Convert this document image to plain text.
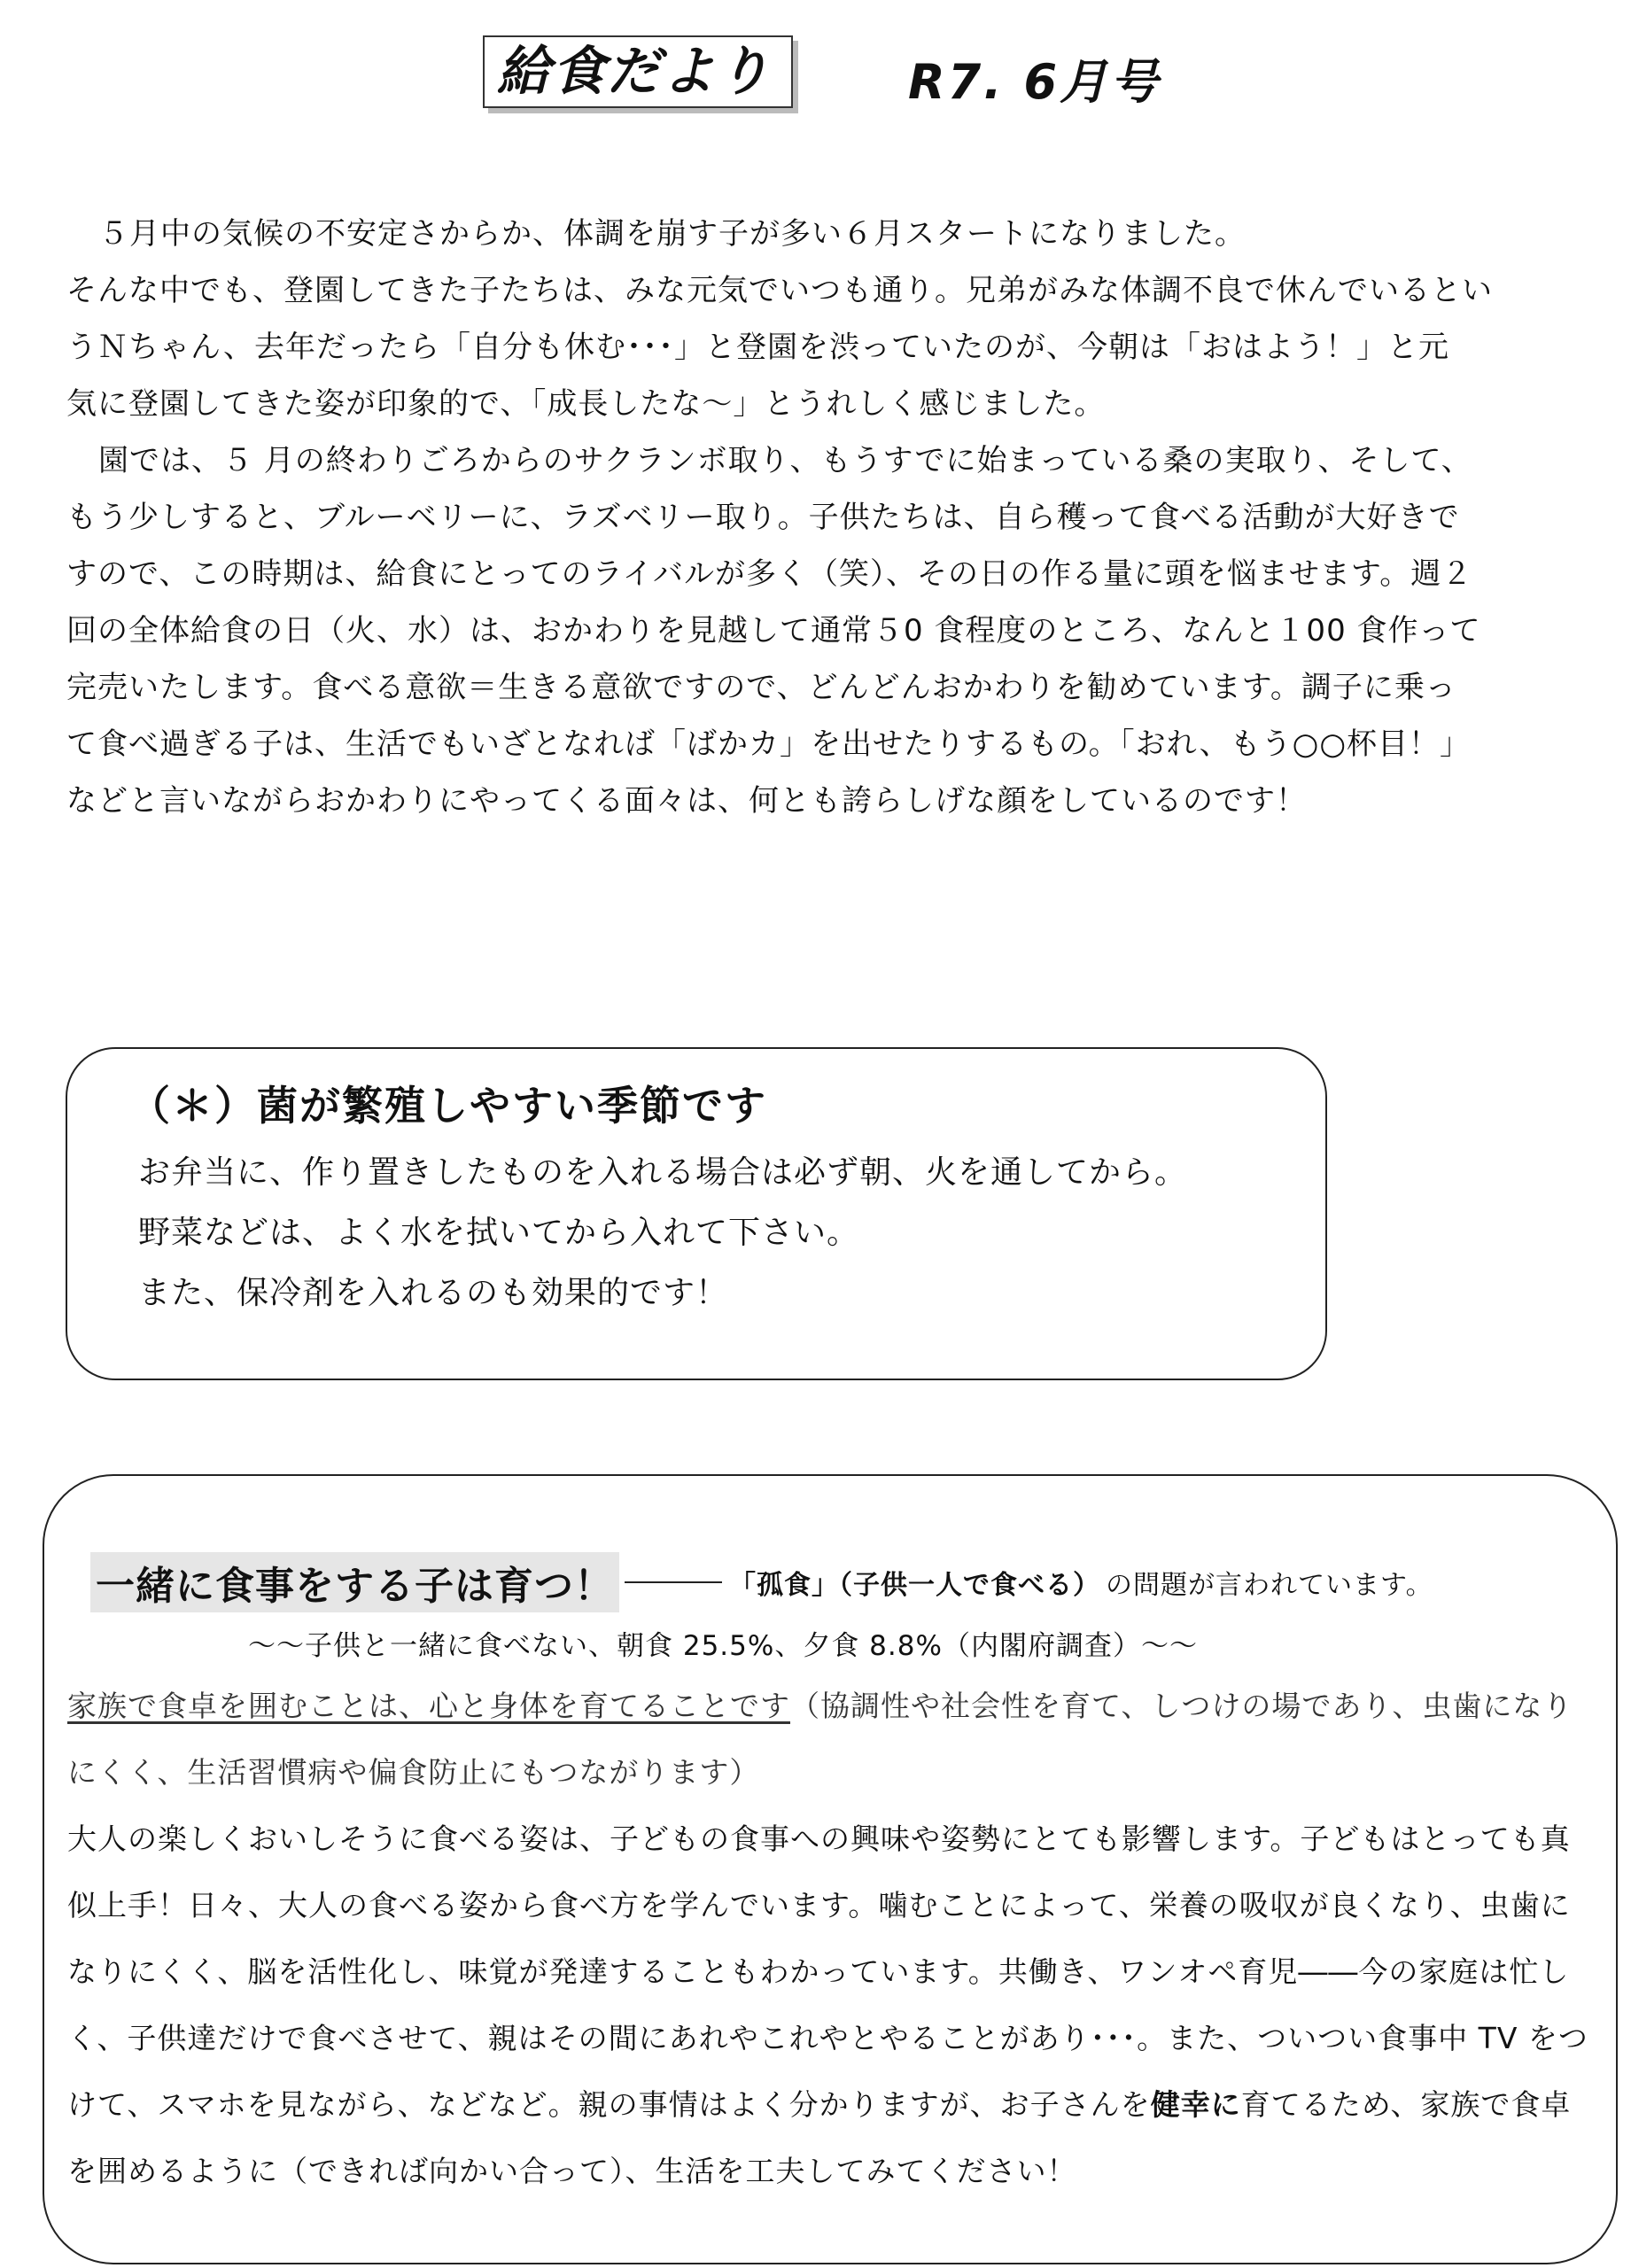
給食だより	R7. 6月号
５月中の気候の不安定さからか、体調を崩す子が多い６月スタートになりました。
そんな中でも、登園してきた子たちは、みな元気でいつも通り。兄弟がみな体調不良で休んでいるとい
うＮちゃん、去年だったら「自分も休む･･･」と登園を渋っていたのが、今朝は「おはよう！」と元
気に登園してきた姿が印象的で、「成長したな～」とうれしく感じました。
園では、５ 月の終わりごろからのサクランボ取り、もうすでに始まっている桑の実取り、そして、
もう少しすると、ブルーベリーに、ラズベリー取り。子供たちは、自ら穫って食べる活動が大好きで
すので、この時期は、給食にとってのライバルが多く（笑）、その日の作る量に頭を悩ませます。週２
回の全体給食の日（火、水）は、おかわりを見越して通常５0 食程度のところ、なんと１00 食作って
完売いたします。食べる意欲＝生きる意欲ですので、どんどんおかわりを勧めています。調子に乗っ
て食べ過ぎる子は、生活でもいざとなれば「ばかカ」を出せたりするもの。「おれ、もう○○杯目！」
などと言いながらおかわりにやってくる面々は、何とも誇らしげな顔をしているのです！
（＊）菌が繁殖しやすい季節です
お弁当に、作り置きしたものを入れる場合は必ず朝、火を通してから。
野菜などは、よく水を拭いてから入れて下さい。
また、保冷剤を入れるのも効果的です！
一緒に食事をする子は育つ！	「孤食」（子供一人で食べる） の問題が言われています。
～～子供と一緒に食べない、朝食 25.5%、夕食 8.8%（内閣府調査）～～
家族で食卓を囲むことは、心と身体を育てることです（協調性や社会性を育て、しつけの場であり、虫歯になり
にくく、生活習慣病や偏食防止にもつながります）
大人の楽しくおいしそうに食べる姿は、子どもの食事への興味や姿勢にとても影響します。子どもはとっても真
似上手！日々、大人の食べる姿から食べ方を学んでいます。噛むことによって、栄養の吸収が良くなり、虫歯に
なりにくく、脳を活性化し、味覚が発達することもわかっています。共働き、ワンオペ育児――今の家庭は忙し
く、子供達だけで食べさせて、親はその間にあれやこれやとやることがあり･･･。また、ついつい食事中 TV をつ
けて、スマホを見ながら、などなど。親の事情はよく分かりますが、お子さんを健幸に育てるため、家族で食卓
を囲めるように（できれば向かい合って）、生活を工夫してみてください！
